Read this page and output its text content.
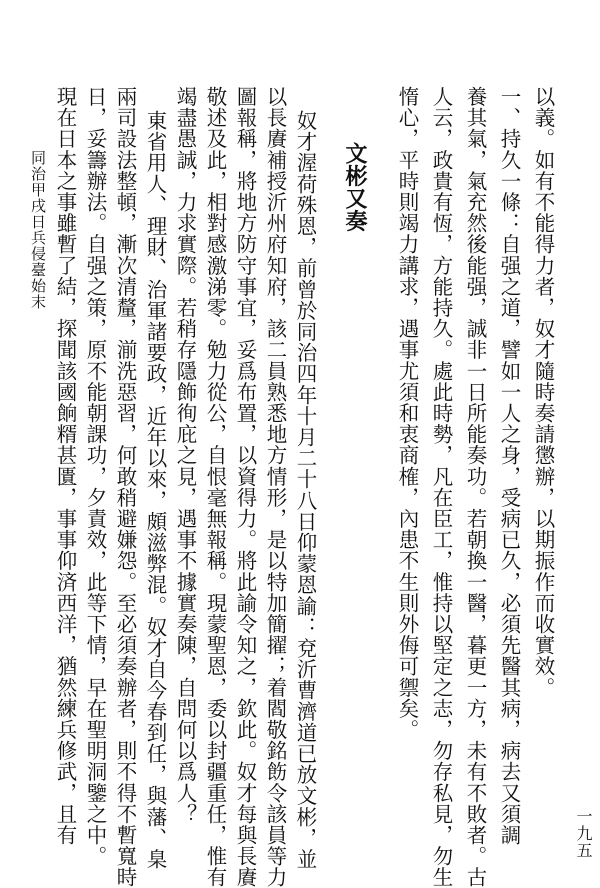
以義。如有不能得力者，奴才隨時奏請懲辦，以期振作而收實效。

一、持久一條：自强之道，譬如一人之身，受病已久，必須先醫其病，病去又須調

養其氣，氣充然後能强，誠非一日所能奏功。若朝換一醫，暮更一方，未有不敗者。古

人云，政貴有恆，方能持久。處此時勢，凡在臣工，惟持以堅定之志，勿存私見，勿生

惰心，平時則竭力講求，遇事尤須和衷商榷，內患不生則外侮可禦矣。

文彬又奏

奴才渥荷殊恩，前曾於同治四年十月二十八日仰蒙恩諭：兗沂曹濟道已放文彬，並

以長賡補授沂州府知府，該二員熟悉地方情形，是以特加簡擢；着閻敬銘飭令該員等力

圖報稱，將地方防守事宜，妥爲布置，以資得力。將此諭令知之，欽此。奴才每與長賡

敬述及此，相對感激涕零。勉力從公，自恨毫無報稱。現蒙聖恩，委以封疆重任，惟有

竭盡愚誠，力求實際。若稍存隱飾徇庇之見，遇事不據實奏陳，自問何以爲人？

東省用人、理財、治軍諸要政，近年以來，頗滋弊混。奴才自今春到任，與藩、臬

兩司設法整頓，漸次清釐，湔洗惡習，何敢稍避嫌怨。至必須奏辦者，則不得不暫寬時

日，妥籌辦法。自强之策，原不能朝課功，夕責效，此等下情，早在聖明洞鑒之中。

現在日本之事雖暫了結，探聞該國餉糈甚匱，事事仰済西洋，猶然練兵修武，且有

同治甲戌日兵侵臺始末

一九五
